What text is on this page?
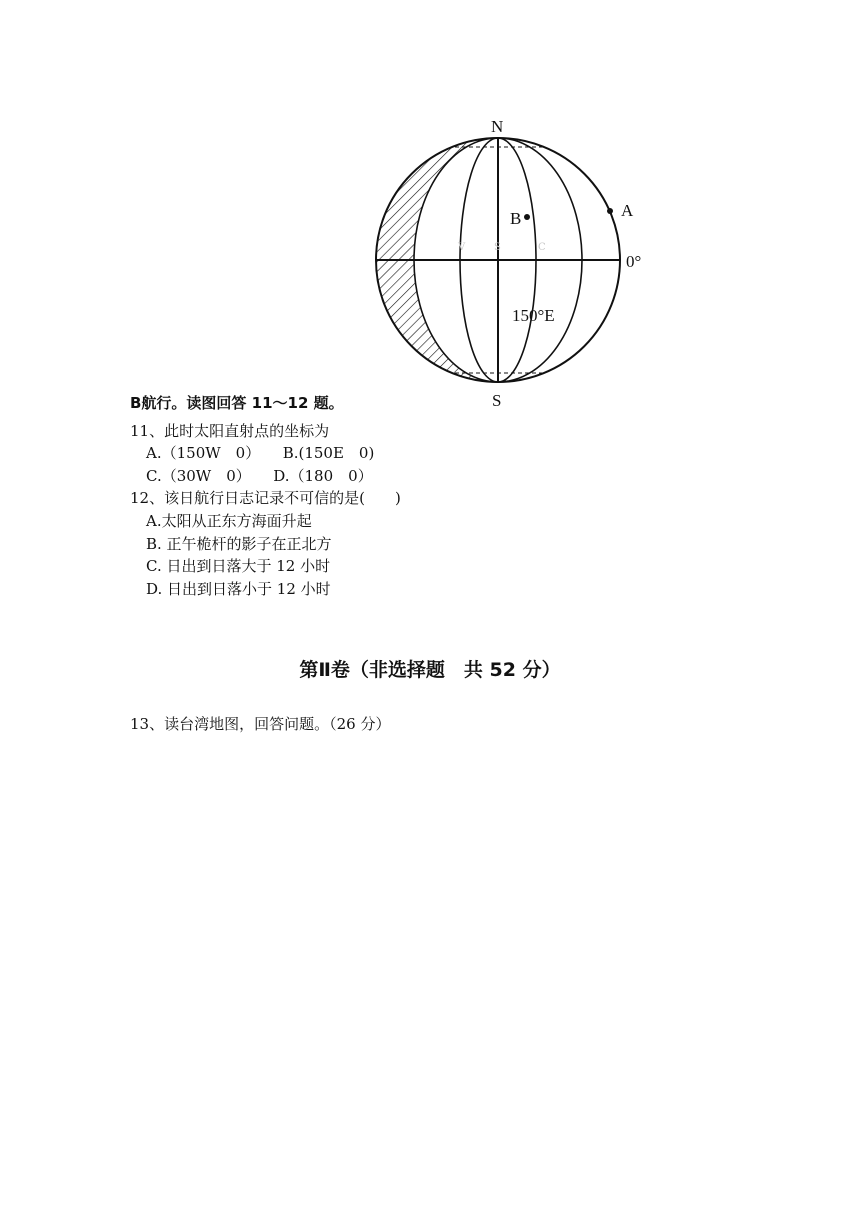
V	S	C
N
S
A
B
0°
150°E
B航行。读图回答 11～12 题。
11、此时太阳直射点的坐标为
A.（150W　0）　　B.(150E　0)
C.（30W　0）　　D.（180　0）
12、该日航行日志记录不可信的是(　　)
A.太阳从正东方海面升起
B. 正午桅杆的影子在正北方
C. 日出到日落大于 12 小时
D. 日出到日落小于 12 小时
第Ⅱ卷（非选择题　共 52 分）
13、读台湾地图，回答问题。（26 分）
